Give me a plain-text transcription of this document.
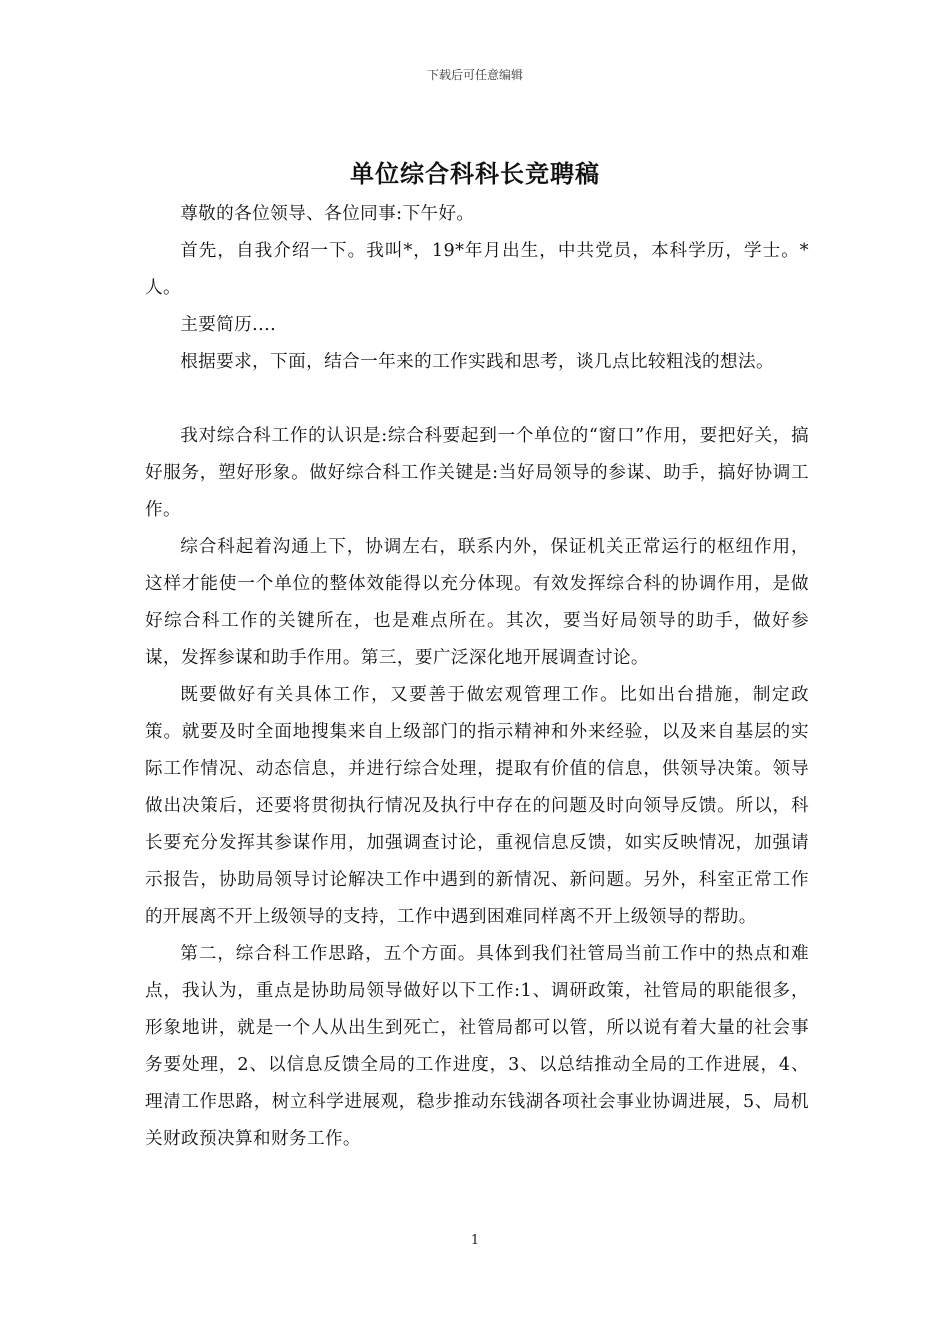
下载后可任意编辑
单位综合科科长竞聘稿

尊敬的各位领导、各位同事:下午好。

首先，自我介绍一下。我叫*，19*年月出生，中共党员，本科学历，学士。*人。

主要简历....

根据要求，下面，结合一年来的工作实践和思考，谈几点比较粗浅的想法。

我对综合科工作的认识是:综合科要起到一个单位的“窗口”作用，要把好关，搞好服务，塑好形象。做好综合科工作关键是:当好局领导的参谋、助手，搞好协调工作。

综合科起着沟通上下，协调左右，联系内外，保证机关正常运行的枢纽作用，这样才能使一个单位的整体效能得以充分体现。有效发挥综合科的协调作用，是做好综合科工作的关键所在，也是难点所在。其次，要当好局领导的助手，做好参谋，发挥参谋和助手作用。第三，要广泛深化地开展调查讨论。

既要做好有关具体工作，又要善于做宏观管理工作。比如出台措施，制定政策。就要及时全面地搜集来自上级部门的指示精神和外来经验，以及来自基层的实际工作情况、动态信息，并进行综合处理，提取有价值的信息，供领导决策。领导做出决策后，还要将贯彻执行情况及执行中存在的问题及时向领导反馈。所以，科长要充分发挥其参谋作用，加强调查讨论，重视信息反馈，如实反映情况，加强请示报告，协助局领导讨论解决工作中遇到的新情况、新问题。另外，科室正常工作的开展离不开上级领导的支持，工作中遇到困难同样离不开上级领导的帮助。

第二，综合科工作思路，五个方面。具体到我们社管局当前工作中的热点和难点，我认为，重点是协助局领导做好以下工作:1、调研政策，社管局的职能很多，形象地讲，就是一个人从出生到死亡，社管局都可以管，所以说有着大量的社会事务要处理，2、以信息反馈全局的工作进度，3、以总结推动全局的工作进展，4、理清工作思路，树立科学进展观，稳步推动东钱湖各项社会事业协调进展，5、局机关财政预决算和财务工作。

1
